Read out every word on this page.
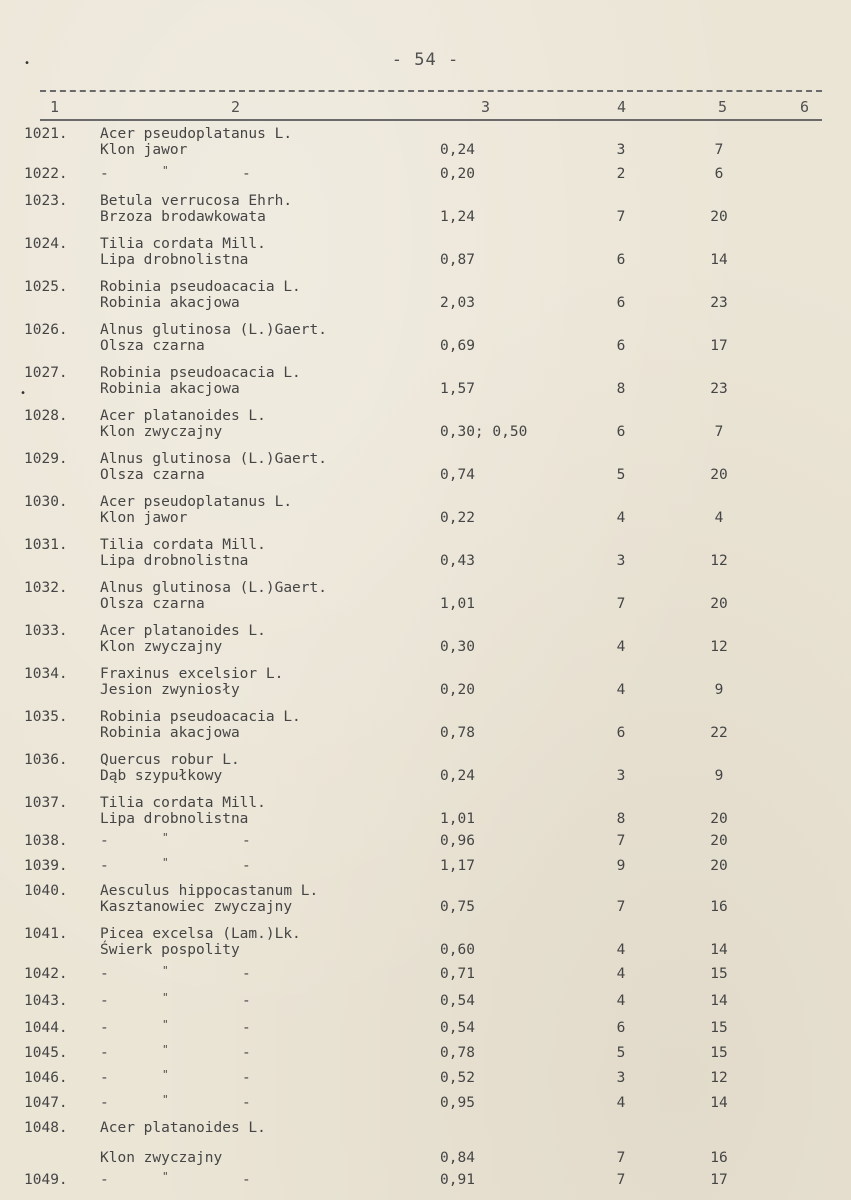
- 54 -
1	2	3	4	5	6
1021. Acer pseudoplatanus L.
Klon jawor	0,24	3	7
1022. -	"	-	0,20	2	6
1023. Betula verrucosa Ehrh.
Brzoza brodawkowata	1,24	7	20
1024. Tilia cordata Mill.
Lipa drobnolistna	0,87	6	14
1025. Robinia pseudoacacia L.
Robinia akacjowa	2,03	6	23
1026. Alnus glutinosa (L.)Gaert.
Olsza czarna	0,69	6	17
1027. Robinia pseudoacacia L.
Robinia akacjowa	1,57	8	23
1028. Acer platanoides L.
Klon zwyczajny	0,30; 0,50	6	7
1029. Alnus glutinosa (L.)Gaert.
Olsza czarna	0,74	5	20
1030. Acer pseudoplatanus L.
Klon jawor	0,22	4	4
1031. Tilia cordata Mill.
Lipa drobnolistna	0,43	3	12
1032. Alnus glutinosa (L.)Gaert.
Olsza czarna	1,01	7	20
1033. Acer platanoides L.
Klon zwyczajny	0,30	4	12
1034. Fraxinus excelsior L.
Jesion zwyniosły	0,20	4	9
1035. Robinia pseudoacacia L.
Robinia akacjowa	0,78	6	22
1036. Quercus robur L.
Dąb szypułkowy	0,24	3	9
1037. Tilia cordata Mill.
Lipa drobnolistna	1,01	8	20
1038. -	"	-	0,96	7	20
1039. -	"	-	1,17	9	20
1040. Aesculus hippocastanum L.
Kasztanowiec zwyczajny	0,75	7	16
1041. Picea excelsa (Lam.)Lk.
Świerk pospolity	0,60	4	14
1042. -	"	-	0,71	4	15
1043. -	"	-	0,54	4	14
1044. -	"	-	0,54	6	15
1045. -	"	-	0,78	5	15
1046. -	"	-	0,52	3	12
1047. -	"	-	0,95	4	14
1048. Acer platanoides L.
Klon zwyczajny	0,84	7	16
1049. -	"	-	0,91	7	17
•
•
